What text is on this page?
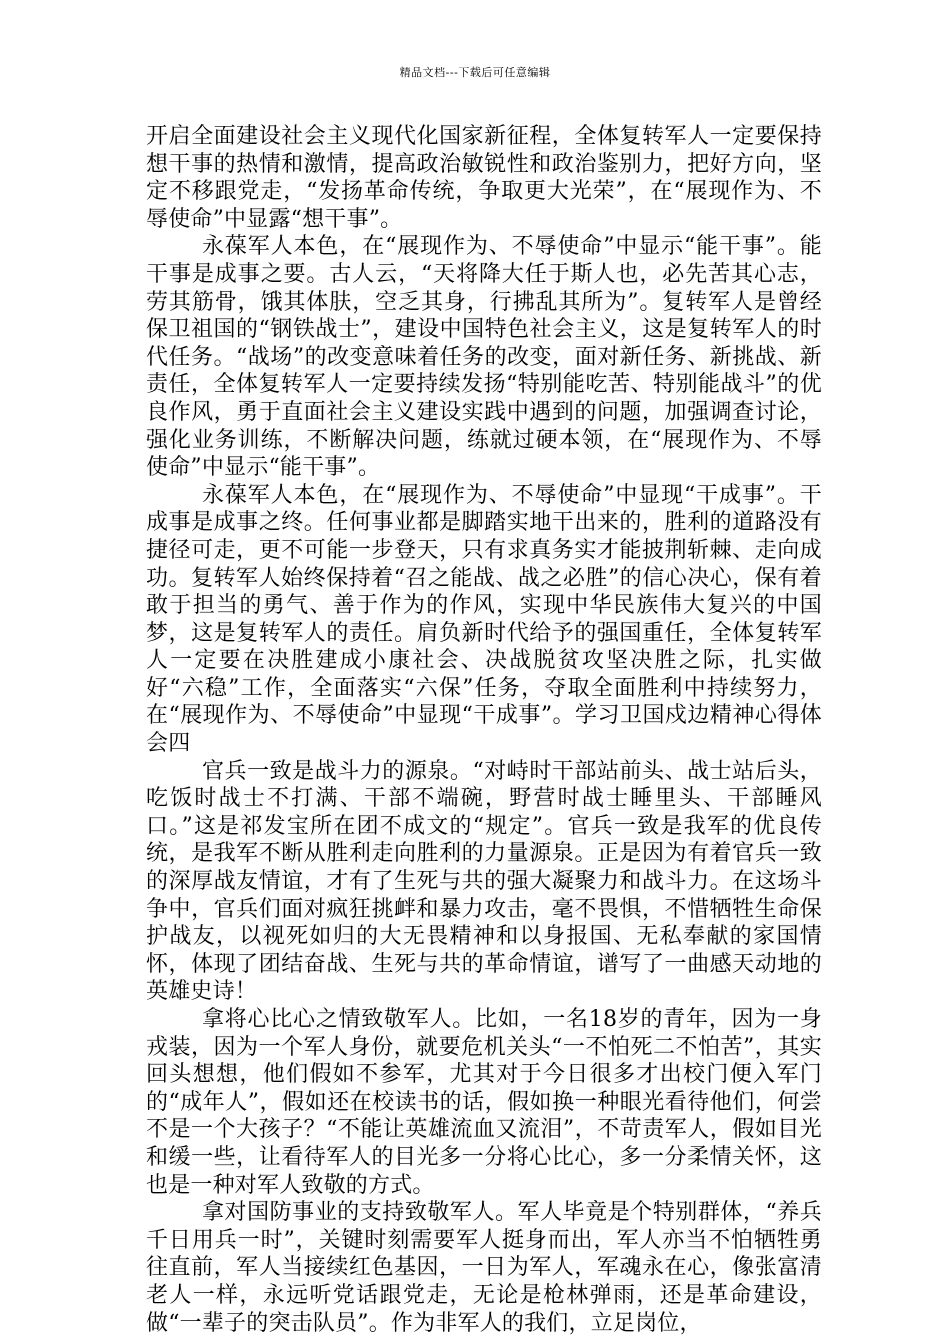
精品文档---下载后可任意编辑

开启全面建设社会主义现代化国家新征程，全体复转军人一定要保持想干事的热情和激情，提高政治敏锐性和政治鉴别力，把好方向，坚定不移跟党走，“发扬革命传统，争取更大光荣”，在“展现作为、不辱使命”中显露“想干事”。

永葆军人本色，在“展现作为、不辱使命”中显示“能干事”。能干事是成事之要。古人云，“天将降大任于斯人也，必先苦其心志，劳其筋骨，饿其体肤，空乏其身，行拂乱其所为”。复转军人是曾经保卫祖国的“钢铁战士”，建设中国特色社会主义，这是复转军人的时代任务。“战场”的改变意味着任务的改变，面对新任务、新挑战、新责任，全体复转军人一定要持续发扬“特别能吃苦、特别能战斗”的优良作风，勇于直面社会主义建设实践中遇到的问题，加强调查讨论，强化业务训练，不断解决问题，练就过硬本领，在“展现作为、不辱使命”中显示“能干事”。

永葆军人本色，在“展现作为、不辱使命”中显现“干成事”。干成事是成事之终。任何事业都是脚踏实地干出来的，胜利的道路没有捷径可走，更不可能一步登天，只有求真务实才能披荆斩棘、走向成功。复转军人始终保持着“召之能战、战之必胜”的信心决心，保有着敢于担当的勇气、善于作为的作风，实现中华民族伟大复兴的中国梦，这是复转军人的责任。肩负新时代给予的强国重任，全体复转军人一定要在决胜建成小康社会、决战脱贫攻坚决胜之际，扎实做好“六稳”工作，全面落实“六保”任务，夺取全面胜利中持续努力，在“展现作为、不辱使命”中显现“干成事”。学习卫国戍边精神心得体会四

官兵一致是战斗力的源泉。“对峙时干部站前头、战士站后头，吃饭时战士不打满、干部不端碗，野营时战士睡里头、干部睡风口。”这是祁发宝所在团不成文的“规定”。官兵一致是我军的优良传统，是我军不断从胜利走向胜利的力量源泉。正是因为有着官兵一致的深厚战友情谊，才有了生死与共的强大凝聚力和战斗力。在这场斗争中，官兵们面对疯狂挑衅和暴力攻击，毫不畏惧，不惜牺牲生命保护战友，以视死如归的大无畏精神和以身报国、无私奉献的家国情怀，体现了团结奋战、生死与共的革命情谊，谱写了一曲感天动地的英雄史诗！

拿将心比心之情致敬军人。比如，一名18岁的青年，因为一身戎装，因为一个军人身份，就要危机关头“一不怕死二不怕苦”，其实回头想想，他们假如不参军，尤其对于今日很多才出校门便入军门的“成年人”，假如还在校读书的话，假如换一种眼光看待他们，何尝不是一个大孩子？“不能让英雄流血又流泪”，不苛责军人，假如目光和缓一些，让看待军人的目光多一分将心比心，多一分柔情关怀，这也是一种对军人致敬的方式。

拿对国防事业的支持致敬军人。军人毕竟是个特别群体，“养兵千日用兵一时”，关键时刻需要军人挺身而出，军人亦当不怕牺牲勇往直前，军人当接续红色基因，一日为军人，军魂永在心，像张富清老人一样，永远听党话跟党走，无论是枪林弹雨，还是革命建设，做“一辈子的突击队员”。作为非军人的我们，立足岗位，
